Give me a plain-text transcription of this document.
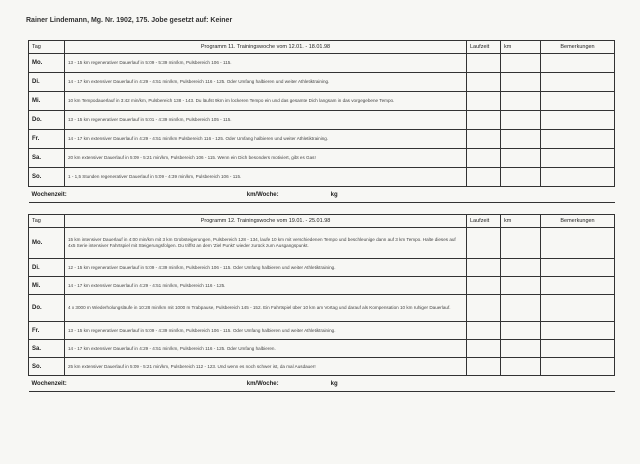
Rainer Lindemann, Mg. Nr. 1902, 175. Jobe gesetzt auf: Keiner
Tag	Programm 11. Trainingswoche vom 12.01. - 18.01.98	Laufzeit	km	Bemerkungen
Mo.	13 - 15 km regenerativer Dauerlauf in 5:09 - 5:39 min/km, Pulsbereich 106 - 115.			
Di.	14 - 17 km extensiver Dauerlauf in 4:29 - 4:51 min/km, Pulsbereich 116 - 125. Oder Umfang halbieren und weiter Athletiktraining.			
Mi.	10 km Tempodauerlauf in 3:42 min/km, Pulsbereich 138 - 143. Du läufst 9km im lockeren Tempo ein und das gesamte Dich langsam in das vorgegebene Tempo.			
Do.	13 - 15 km regenerativer Dauerlauf in 5:01 - 4:39 min/km, Pulsbereich 105 - 115.			
Fr.	14 - 17 km extensiver Dauerlauf in 4:29 - 4:51 min/km Pulsbereich 116 - 125. Oder Umfang halbieren und weiter Athletiktraining.			
Sa.	20 km extensiver Dauerlauf in 5:09 - 5:21 min/km, Pulsbereich 106 - 115. Wenn ein Dich besonders motiviert, gibt es Gas!			
So.	1 - 1,5 Stunden regenerativer Dauerlauf in 5:09 - 4:39 min/km, Pulsbereich 106 - 115.			
Wochenzeit: km/Woche: kg				
Tag	Programm 12. Trainingswoche vom 19.01. - 25.01.98	Laufzeit	km	Bemerkungen
Mo.	15 km intensiver Dauerlauf in 4:00 min/km mit 3 km Grobsteigerungen, Pulsbereich 128 - 134, laufe 10 km mit verschiedenen Tempo und beschleunige dann auf 3 km Tempo. Halte dieses auf 4x5 Serie intensiver Fahrtspiel mit Steigerungsfolgen. Du triffst an dem 'Ziel Punkt' wieder zurück zum Ausgangspunkt.			
Di.	12 - 15 km regenerativer Dauerlauf in 5:09 - 4:39 min/km, Pulsbereich 106 - 115. Oder Umfang halbieren und weiter Athletiktraining.			
Mi.	14 - 17 km extensiver Dauerlauf in 4:29 - 4:51 min/km, Pulsbereich 116 - 125.			
Do.	4 x 3000 m Wiederholungsläufe in 10:28 min/km mit 1000 m Trabpause, Pulsbereich 145 - 152. Ein Fahrtspiel über 10 km am Vortag und darauf als Kompensation 10 km ruhiger Dauerlauf.			
Fr.	13 - 15 km regenerativer Dauerlauf in 5:09 - 4:39 min/km, Pulsbereich 106 - 115. Oder Umfang halbieren und weiter Athletiktraining.			
Sa.	14 - 17 km extensiver Dauerlauf in 4:29 - 4:51 min/km, Pulsbereich 116 - 125. Oder Umfang halbieren.			
So.	25 km extensiver Dauerlauf in 5:09 - 5:21 min/km, Pulsbereich 112 - 123. Und wenn es noch schwer ist, da mal Ausdauer!			
Wochenzeit: km/Woche: kg				
